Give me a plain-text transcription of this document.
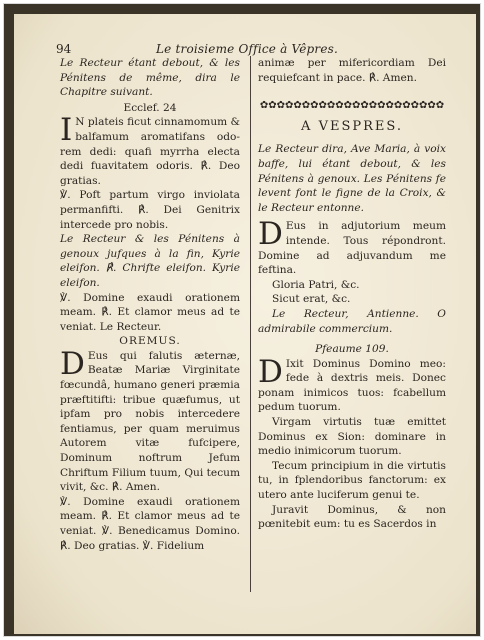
94	Le troisieme Office à Vêpres.

Le Recteur étant debout, & les Pénitens de même, dira le Chapitre suivant.

Ecclef. 24

I N plateis ficut cinnamomum & balfamum aromatifans odo-rem dedi: quafi myrrha electa dedi fuavitatem odoris. ℟. Deo gratias.

℣. Poft partum virgo inviolata permanfifti. ℟. Dei Genitrix intercede pro nobis.

Le Recteur & les Pénitens à genoux jufques à la fin, Kyrie eleifon. ℟. Chrifte eleifon. Kyrie eleifon.

℣. Domine exaudi orationem meam. ℟. Et clamor meus ad te veniat. Le Recteur.

OREMUS.

D Eus qui falutis æternæ, Beatæ Mariæ Virginitate fœcundâ, humano generi præmia præftitifti: tribue quæfumus, ut ipfam pro nobis intercedere fentiamus, per quam meruimus Autorem vitæ fufcipere, Dominum noftrum Jefum Chriftum Filium tuum, Qui tecum vivit, &c. ℟. Amen.

℣. Domine exaudi orationem meam. ℟. Et clamor meus ad te veniat. ℣. Benedicamus Domino. ℟. Deo gratias. ℣. Fidelium

animæ per mifericordiam Dei requiefcant in pace. ℟. Amen.

✿✿✿✿✿✿✿✿✿✿✿✿✿✿✿✿✿✿✿✿✿✿

A VESPRES.

Le Recteur dira, Ave Maria, à voix baffe, lui étant debout, & les Pénitens à genoux. Les Pénitens fe levent font le figne de la Croix, & le Recteur entonne.

D Eus in adjutorium meum intende. Tous répondront. Domine ad adjuvandum me feftina.

Gloria Patri, &c.

Sicut erat, &c.

Le Recteur, Antienne. O admirabile commercium.

Pfeaume 109.

D Ixit Dominus Domino meo: fede à dextris meis. Donec ponam inimicos tuos: fcabellum pedum tuorum.

Virgam virtutis tuæ emittet Dominus ex Sion: dominare in medio inimicorum tuorum.

Tecum principium in die virtutis tu, in fplendoribus fanctorum: ex utero ante luciferum genui te.

Juravit Dominus, & non pœnitebit eum: tu es Sacerdos in
